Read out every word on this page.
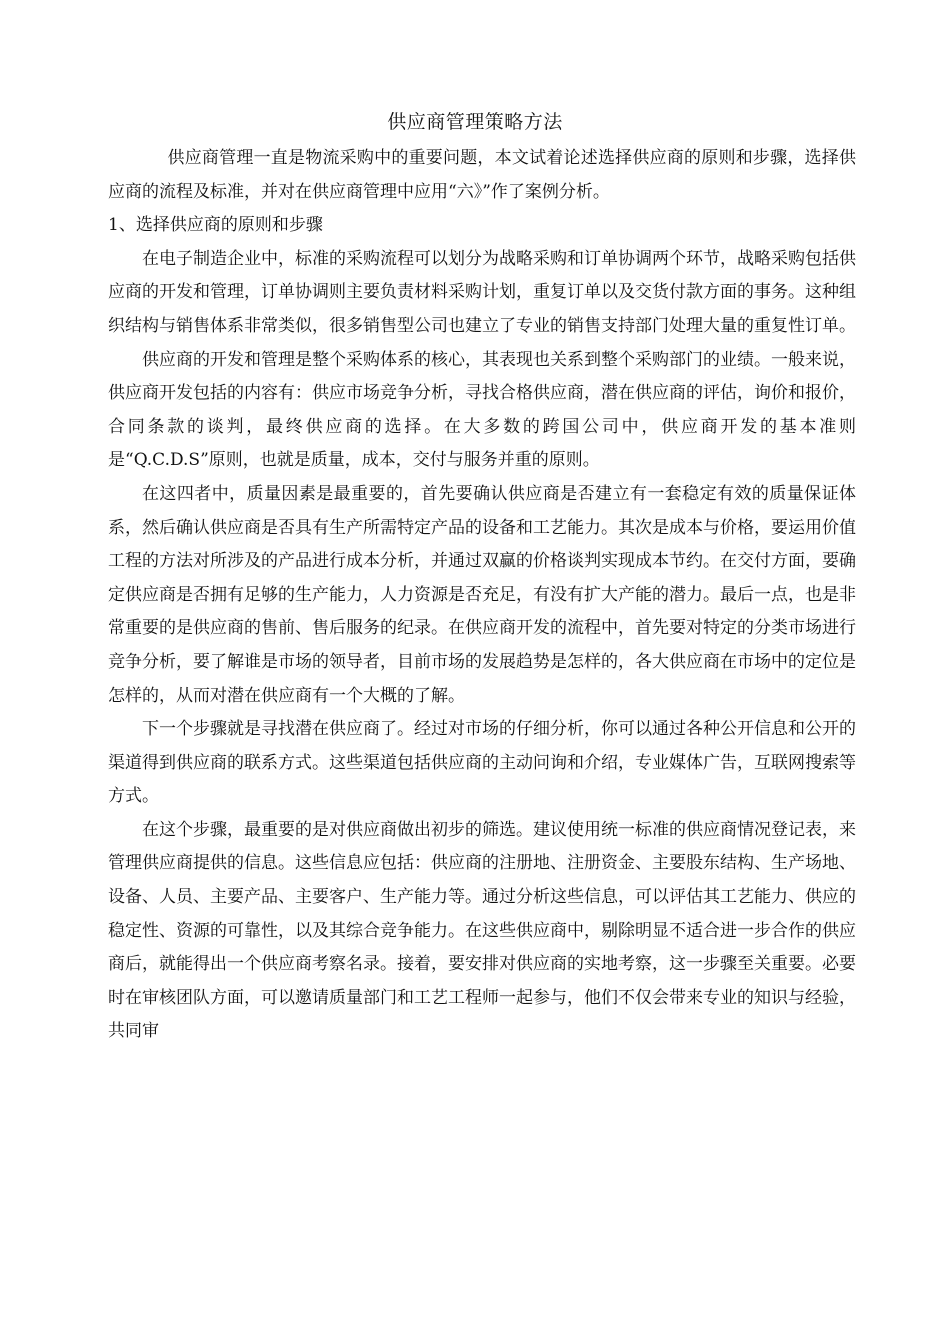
供应商管理策略方法

供应商管理一直是物流采购中的重要问题，本文试着论述选择供应商的原则和步骤，选择供应商的流程及标准，并对在供应商管理中应用“六》”作了案例分析。

1、选择供应商的原则和步骤

在电子制造企业中，标准的采购流程可以划分为战略采购和订单协调两个环节，战略采购包括供应商的开发和管理，订单协调则主要负责材料采购计划，重复订单以及交货付款方面的事务。这种组织结构与销售体系非常类似，很多销售型公司也建立了专业的销售支持部门处理大量的重复性订单。

供应商的开发和管理是整个采购体系的核心，其表现也关系到整个采购部门的业绩。一般来说，供应商开发包括的内容有：供应市场竞争分析，寻找合格供应商，潜在供应商的评估，询价和报价，合同条款的谈判，最终供应商的选择。在大多数的跨国公司中，供应商开发的基本准则是“Q.C.D.S”原则，也就是质量，成本，交付与服务并重的原则。

在这四者中，质量因素是最重要的，首先要确认供应商是否建立有一套稳定有效的质量保证体系，然后确认供应商是否具有生产所需特定产品的设备和工艺能力。其次是成本与价格，要运用价值工程的方法对所涉及的产品进行成本分析，并通过双赢的价格谈判实现成本节约。在交付方面，要确定供应商是否拥有足够的生产能力，人力资源是否充足，有没有扩大产能的潜力。最后一点，也是非常重要的是供应商的售前、售后服务的纪录。在供应商开发的流程中，首先要对特定的分类市场进行竞争分析，要了解谁是市场的领导者，目前市场的发展趋势是怎样的，各大供应商在市场中的定位是怎样的，从而对潜在供应商有一个大概的了解。

下一个步骤就是寻找潜在供应商了。经过对市场的仔细分析，你可以通过各种公开信息和公开的渠道得到供应商的联系方式。这些渠道包括供应商的主动问询和介绍，专业媒体广告，互联网搜索等方式。

在这个步骤，最重要的是对供应商做出初步的筛选。建议使用统一标准的供应商情况登记表，来管理供应商提供的信息。这些信息应包括：供应商的注册地、注册资金、主要股东结构、生产场地、设备、人员、主要产品、主要客户、生产能力等。通过分析这些信息，可以评估其工艺能力、供应的稳定性、资源的可靠性，以及其综合竞争能力。在这些供应商中，剔除明显不适合进一步合作的供应商后，就能得出一个供应商考察名录。接着，要安排对供应商的实地考察，这一步骤至关重要。必要时在审核团队方面，可以邀请质量部门和工艺工程师一起参与，他们不仅会带来专业的知识与经验，共同审
